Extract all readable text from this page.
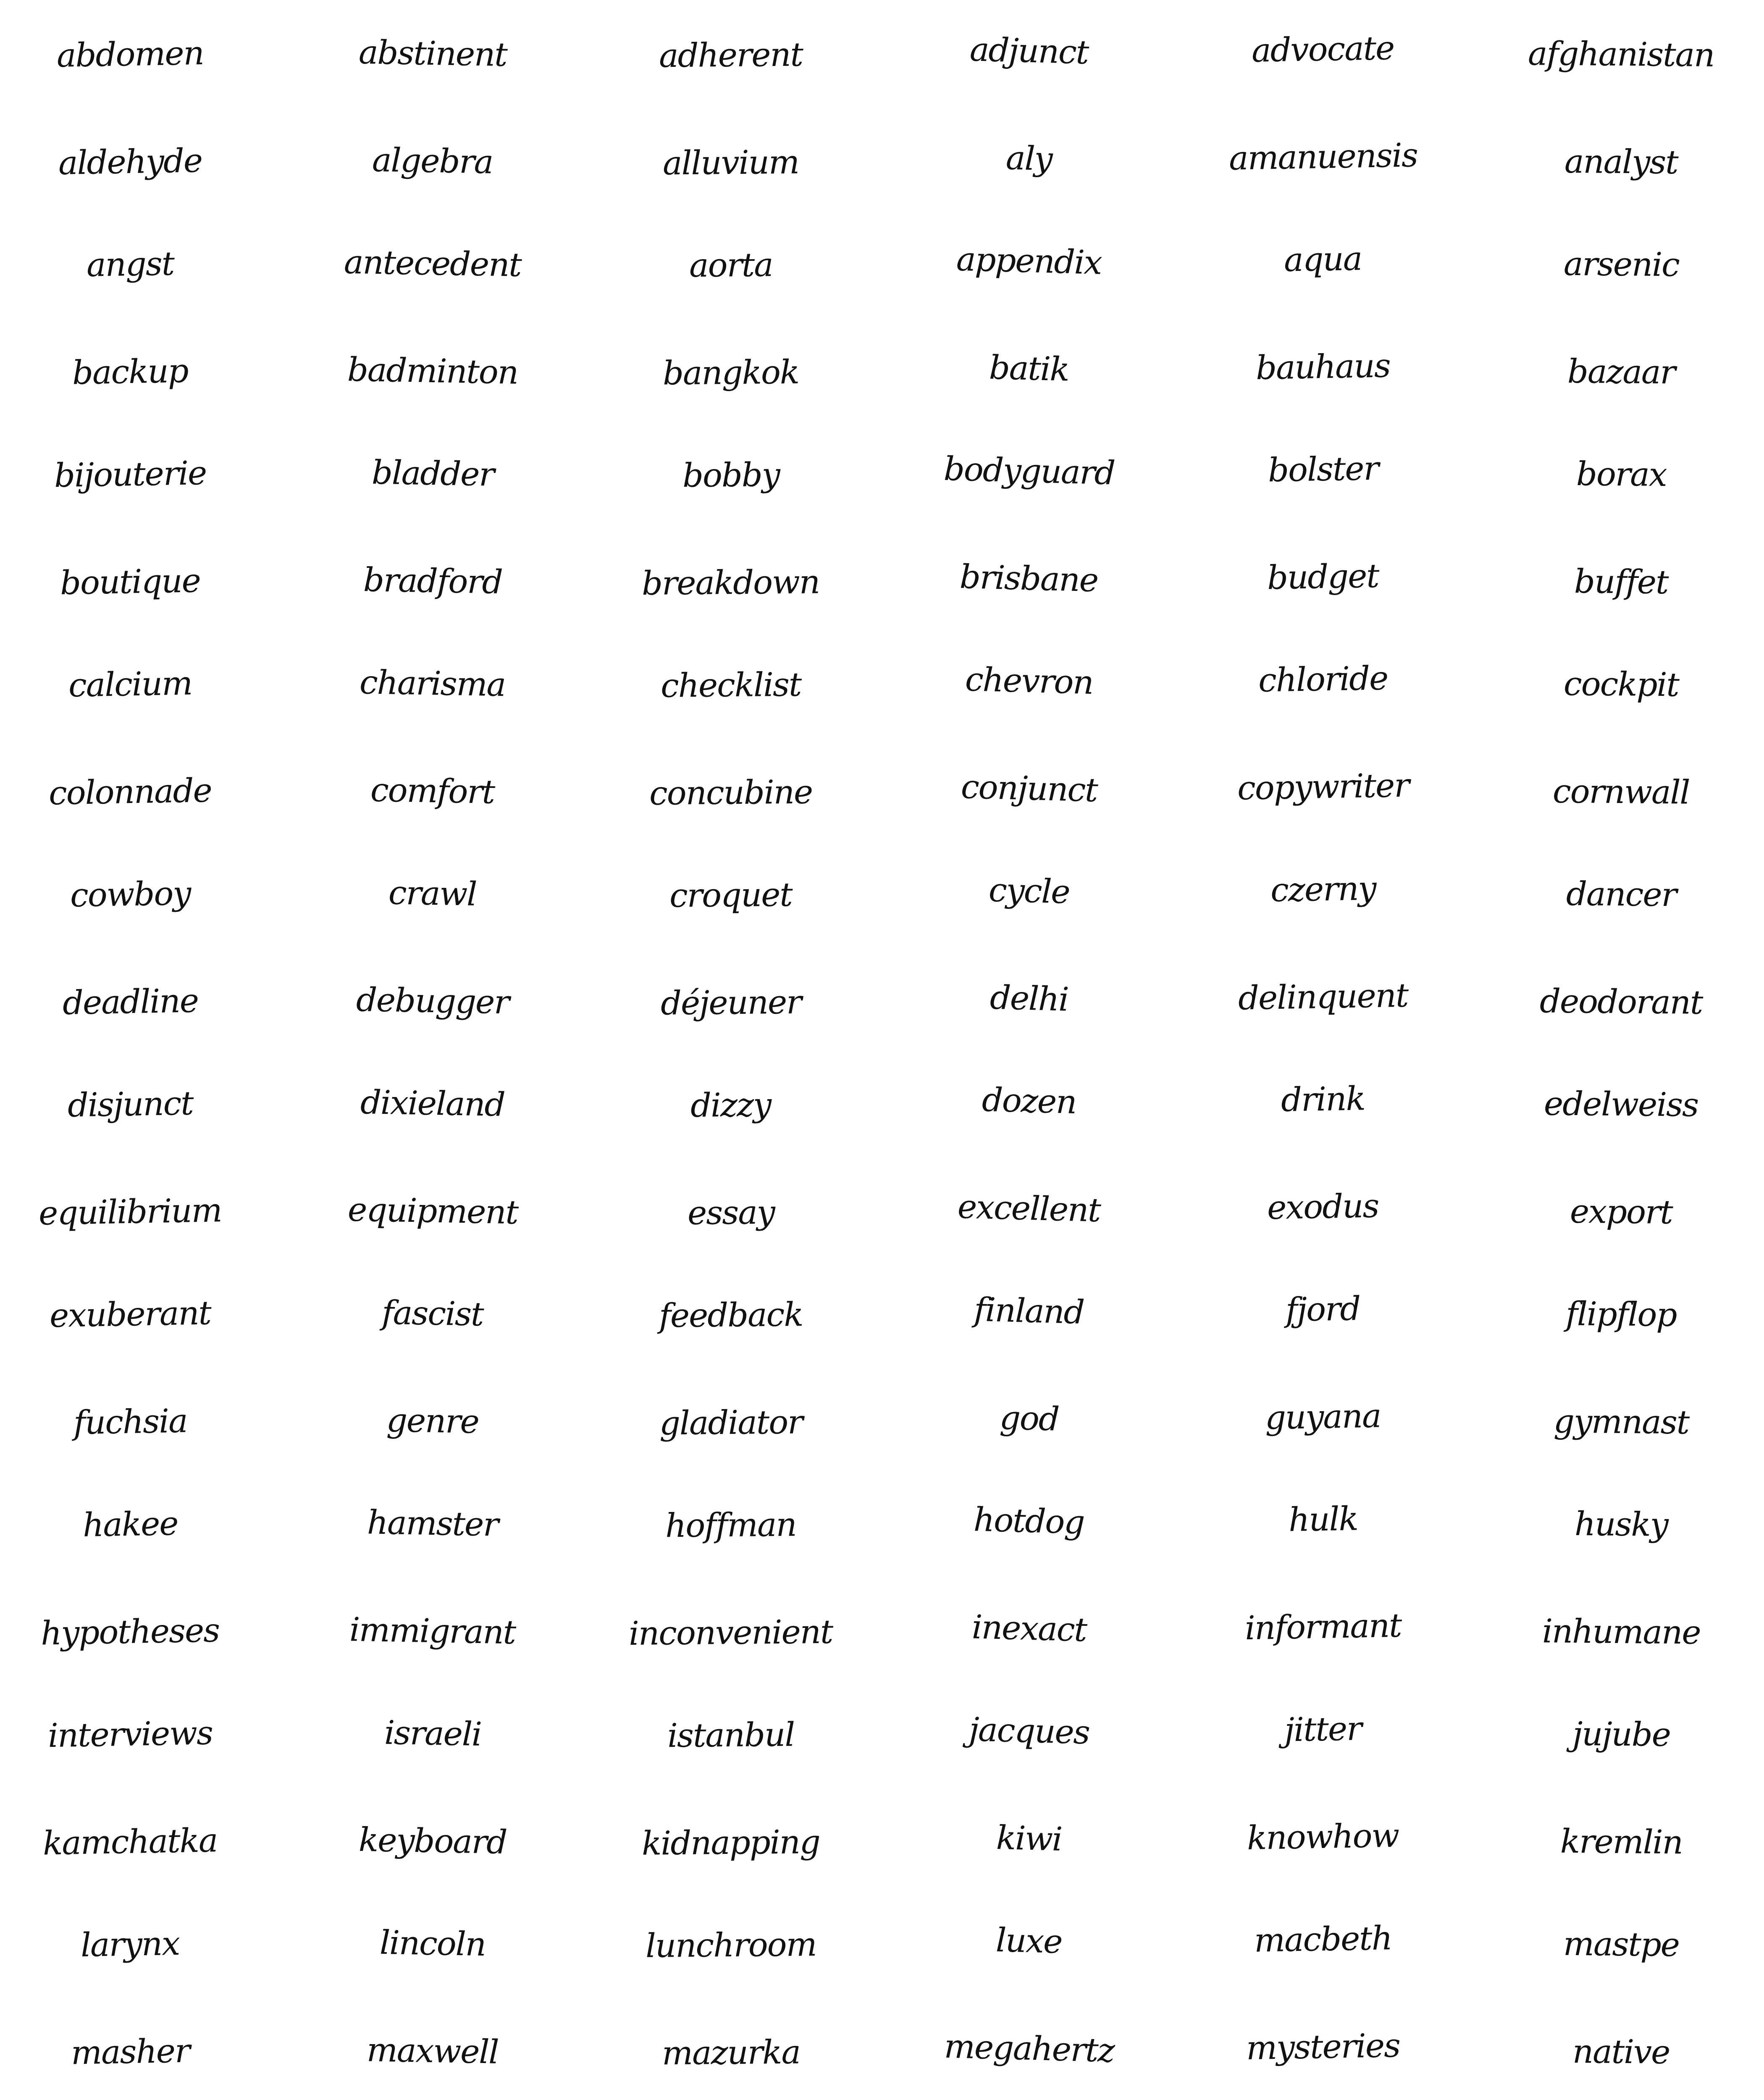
abdomen	abstinent	adherent	adjunct	advocate	afghanistan
aldehyde	algebra	alluvium	aly	amanuensis	analyst
angst	antecedent	aorta	appendix	aqua	arsenic
backup	badminton	bangkok	batik	bauhaus	bazaar
bijouterie	bladder	bobby	bodyguard	bolster	borax
boutique	bradford	breakdown	brisbane	budget	buffet
calcium	charisma	checklist	chevron	chloride	cockpit
colonnade	comfort	concubine	conjunct	copywriter	cornwall
cowboy	crawl	croquet	cycle	czerny	dancer
deadline	debugger	déjeuner	delhi	delinquent	deodorant
disjunct	dixieland	dizzy	dozen	drink	edelweiss
equilibrium	equipment	essay	excellent	exodus	export
exuberant	fascist	feedback	finland	fjord	flipflop
fuchsia	genre	gladiator	god	guyana	gymnast
hakee	hamster	hoffman	hotdog	hulk	husky
hypotheses	immigrant	inconvenient	inexact	informant	inhumane
interviews	israeli	istanbul	jacques	jitter	jujube
kamchatka	keyboard	kidnapping	kiwi	knowhow	kremlin
larynx	lincoln	lunchroom	luxe	macbeth	mastpe
masher	maxwell	mazurka	megahertz	mysteries	native
